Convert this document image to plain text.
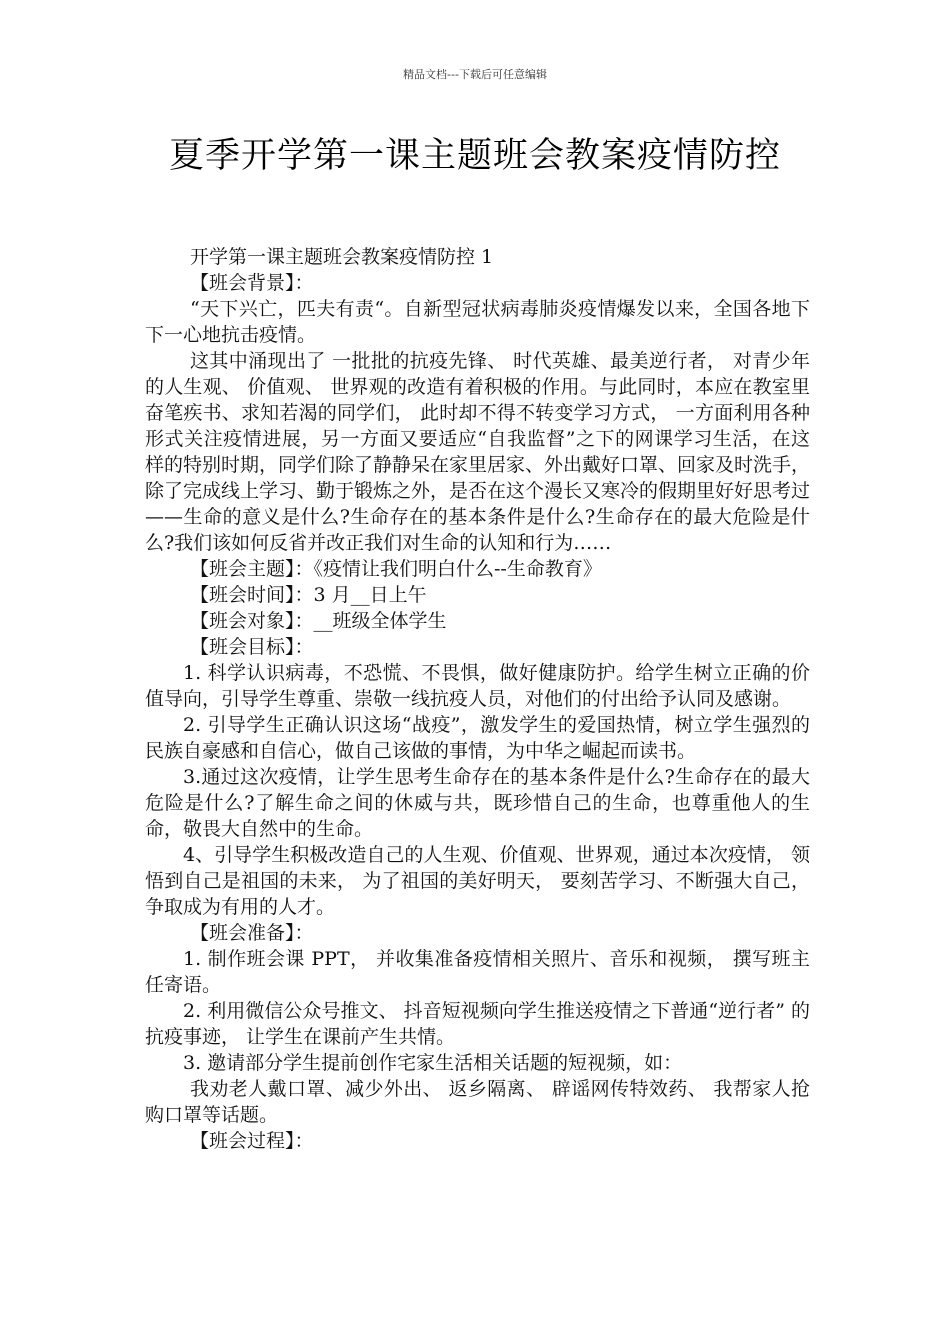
精品文档---下载后可任意编辑
夏季开学第一课主题班会教案疫情防控

开学第一课主题班会教案疫情防控 1

【班会背景】：

“天下兴亡，匹夫有责“。自新型冠状病毒肺炎疫情爆发以来，全国各地下下一心地抗击疫情。

这其中涌现出了 一批批的抗疫先锋、 时代英雄、最美逆行者， 对青少年的人生观、 价值观、 世界观的改造有着积极的作用。与此同时，本应在教室里奋笔疾书、求知若渴的同学们， 此时却不得不转变学习方式， 一方面利用各种形式关注疫情进展，另一方面又要适应“自我监督”之下的网课学习生活，在这样的特别时期，同学们除了静静呆在家里居家、外出戴好口罩、回家及时洗手，除了完成线上学习、勤于锻炼之外，是否在这个漫长又寒冷的假期里好好思考过——生命的意义是什么?生命存在的基本条件是什么?生命存在的最大危险是什么?我们该如何反省并改正我们对生命的认知和行为……

【班会主题】：《疫情让我们明白什么--生命教育》

【班会时间】：3 月__日上午

【班会对象】：__班级全体学生

【班会目标】：

1. 科学认识病毒，不恐慌、不畏惧，做好健康防护。给学生树立正确的价值导向，引导学生尊重、崇敬一线抗疫人员，对他们的付出给予认同及感谢。

2. 引导学生正确认识这场“战疫”，激发学生的爱国热情，树立学生强烈的民族自豪感和自信心，做自己该做的事情，为中华之崛起而读书。

3.通过这次疫情，让学生思考生命存在的基本条件是什么?生命存在的最大危险是什么?了解生命之间的休威与共，既珍惜自己的生命，也尊重他人的生命，敬畏大自然中的生命。

4、引导学生积极改造自己的人生观、价值观、世界观，通过本次疫情， 领悟到自己是祖国的未来， 为了祖国的美好明天， 要刻苦学习、不断强大自己，争取成为有用的人才。

【班会准备】：

1. 制作班会课 PPT， 并收集准备疫情相关照片、音乐和视频， 撰写班主任寄语。

2. 利用微信公众号推文、 抖音短视频向学生推送疫情之下普通“逆行者” 的抗疫事迹， 让学生在课前产生共情。

3. 邀请部分学生提前创作宅家生活相关话题的短视频，如：

我劝老人戴口罩、减少外出、 返乡隔离、 辟谣网传特效药、 我帮家人抢购口罩等话题。

【班会过程】：
